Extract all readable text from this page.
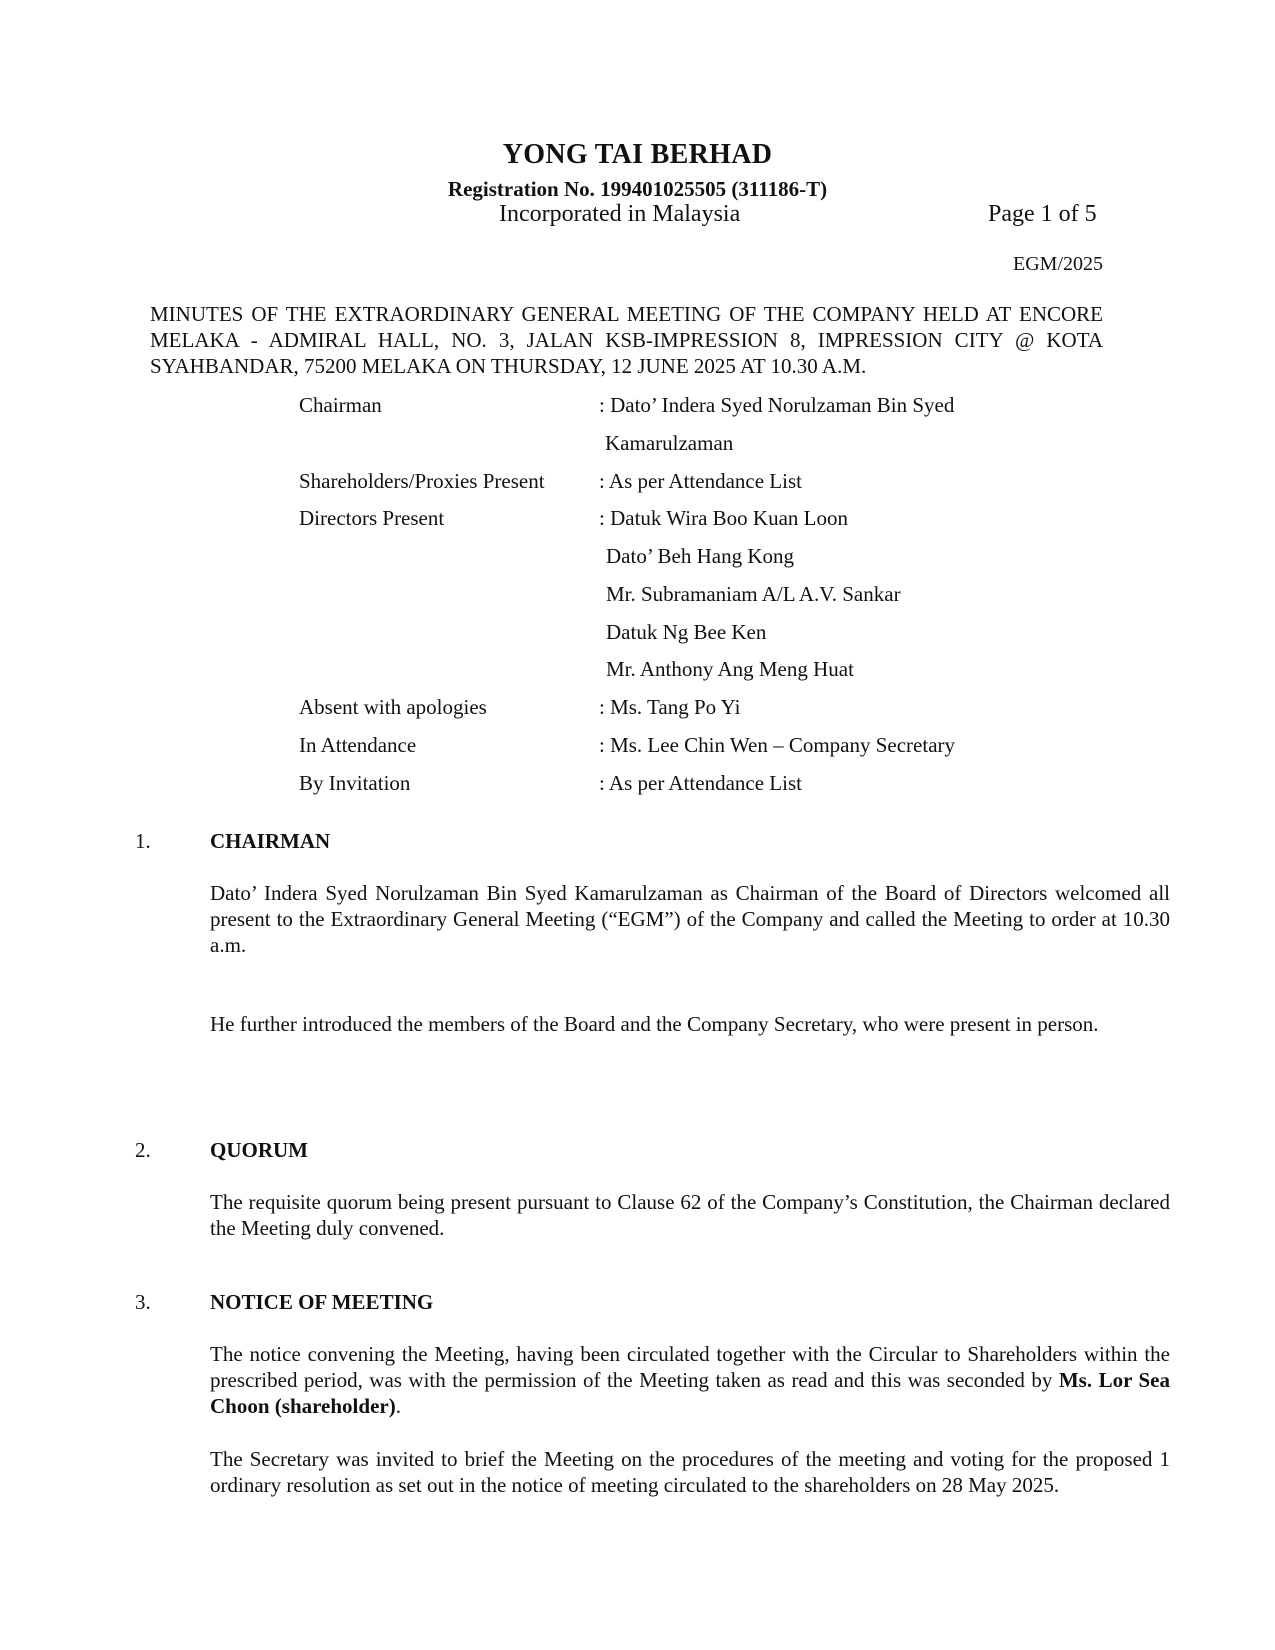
YONG TAI BERHAD
Registration No. 199401025505 (311186-T)
Incorporated in Malaysia	Page 1 of 5
EGM/2025
MINUTES OF THE EXTRAORDINARY GENERAL MEETING OF THE COMPANY HELD AT ENCORE MELAKA - ADMIRAL HALL, NO. 3, JALAN KSB-IMPRESSION 8, IMPRESSION CITY @ KOTA SYAHBANDAR, 75200 MELAKA ON THURSDAY, 12 JUNE 2025 AT 10.30 A.M.
Chairman	: Dato’ Indera Syed Norulzaman Bin Syed
Kamarulzaman
Shareholders/Proxies Present	: As per Attendance List
Directors Present	: Datuk Wira Boo Kuan Loon
Dato’ Beh Hang Kong
Mr. Subramaniam A/L A.V. Sankar
Datuk Ng Bee Ken
Mr. Anthony Ang Meng Huat
Absent with apologies	: Ms. Tang Po Yi
In Attendance	: Ms. Lee Chin Wen – Company Secretary
By Invitation	: As per Attendance List
1.	CHAIRMAN
Dato’ Indera Syed Norulzaman Bin Syed Kamarulzaman as Chairman of the Board of Directors welcomed all present to the Extraordinary General Meeting (“EGM”) of the Company and called the Meeting to order at 10.30 a.m.
He further introduced the members of the Board and the Company Secretary, who were present in person.
2.	QUORUM
The requisite quorum being present pursuant to Clause 62 of the Company’s Constitution, the Chairman declared the Meeting duly convened.
3.	NOTICE OF MEETING
The notice convening the Meeting, having been circulated together with the Circular to Shareholders within the prescribed period, was with the permission of the Meeting taken as read and this was seconded by Ms. Lor Sea Choon (shareholder).
The Secretary was invited to brief the Meeting on the procedures of the meeting and voting for the proposed 1 ordinary resolution as set out in the notice of meeting circulated to the shareholders on 28 May 2025.
